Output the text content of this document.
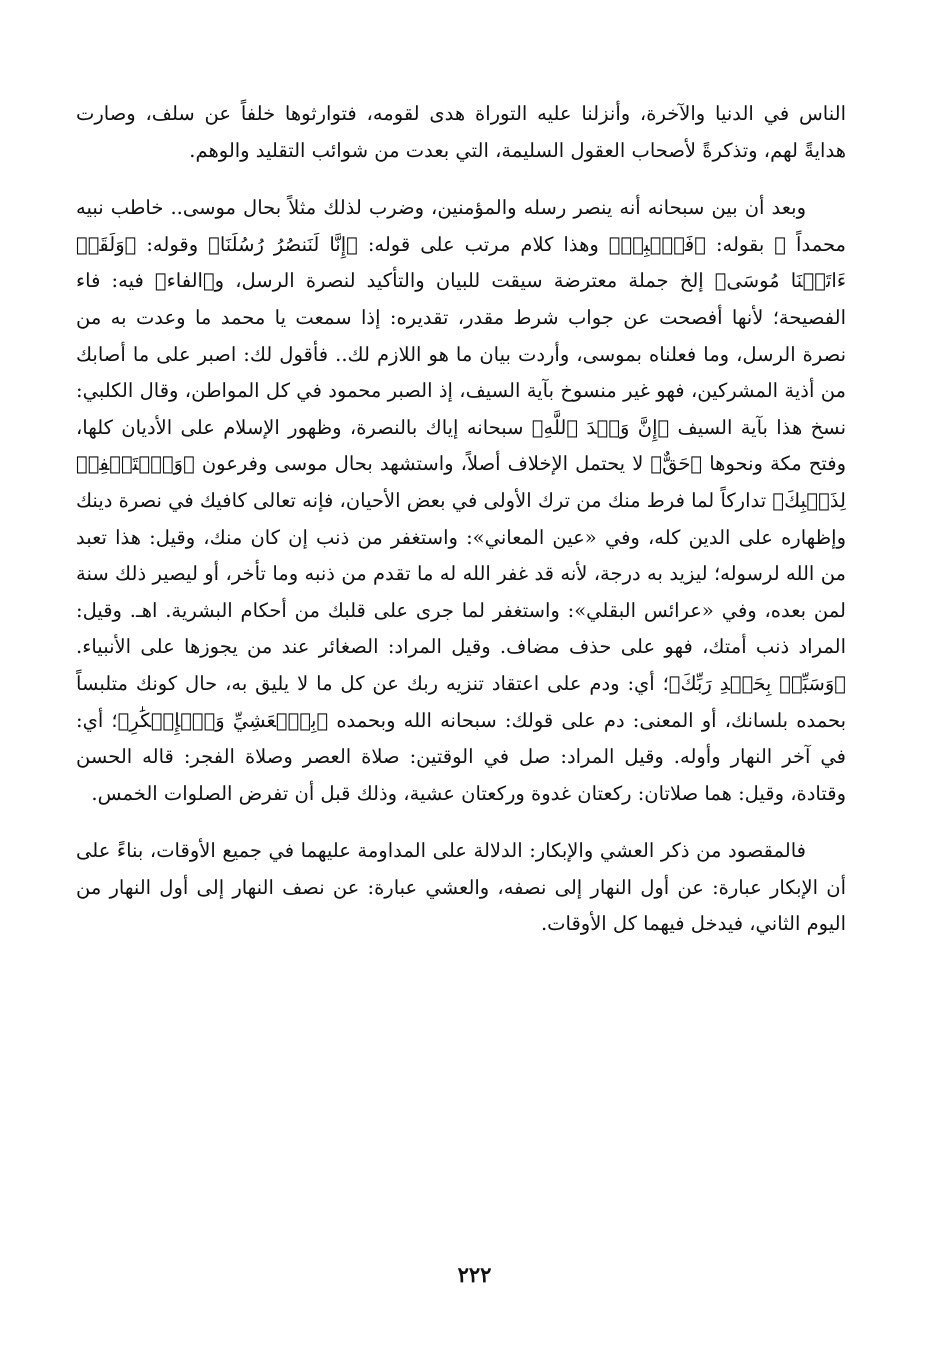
الناس في الدنيا والآخرة، وأنزلنا عليه التوراة هدى لقومه، فتوارثوها خلفاً عن سلف، وصارت هدايةً لهم، وتذكرةً لأصحاب العقول السليمة، التي بعدت من شوائب التقليد والوهم.

وبعد أن بين سبحانه أنه ينصر رسله والمؤمنين، وضرب لذلك مثلاً بحال موسى.. خاطب نبيه محمداً ﷺ بقوله: ﴿فَٱصۡبِرۡ﴾ وهذا كلام مرتب على قوله: ﴿إِنَّا لَنَنصُرُ رُسُلَنَا﴾ وقوله: ﴿وَلَقَدۡ ءَاتَيۡنَا مُوسَى﴾ إلخ جملة معترضة سيقت للبيان والتأكيد لنصرة الرسل، و﴿الفاء﴾ فيه: فاء الفصيحة؛ لأنها أفصحت عن جواب شرط مقدر، تقديره: إذا سمعت يا محمد ما وعدت به من نصرة الرسل، وما فعلناه بموسى، وأردت بيان ما هو اللازم لك.. فأقول لك: اصبر على ما أصابك من أذية المشركين، فهو غير منسوخ بآية السيف، إذ الصبر محمود في كل المواطن، وقال الكلبي: نسخ هذا بآية السيف ﴿إِنَّ وَعۡدَ ٱللَّهِ﴾ سبحانه إياك بالنصرة، وظهور الإسلام على الأديان كلها، وفتح مكة ونحوها ﴿حَقٌّ﴾ لا يحتمل الإخلاف أصلاً، واستشهد بحال موسى وفرعون ﴿وَٱسۡتَغۡفِرۡ لِذَنۢبِكَ﴾ تداركاً لما فرط منك من ترك الأولى في بعض الأحيان، فإنه تعالى كافيك في نصرة دينك وإظهاره على الدين كله، وفي «عين المعاني»: واستغفر من ذنب إن كان منك، وقيل: هذا تعبد من الله لرسوله؛ ليزيد به درجة، لأنه قد غفر الله له ما تقدم من ذنبه وما تأخر، أو ليصير ذلك سنة لمن بعده، وفي «عرائس البقلي»: واستغفر لما جرى على قلبك من أحكام البشرية. اهـ. وقيل: المراد ذنب أمتك، فهو على حذف مضاف. وقيل المراد: الصغائر عند من يجوزها على الأنبياء. ﴿وَسَبِّحۡ بِحَمۡدِ رَبِّكَ﴾؛ أي: ودم على اعتقاد تنزيه ربك عن كل ما لا يليق به، حال كونك متلبساً بحمده بلسانك، أو المعنى: دم على قولك: سبحانه الله وبحمده ﴿بِٱلۡعَشِيِّ وَٱلۡإِبۡكَٰرِ﴾؛ أي: في آخر النهار وأوله. وقيل المراد: صل في الوقتين: صلاة العصر وصلاة الفجر: قاله الحسن وقتادة، وقيل: هما صلاتان: ركعتان غدوة وركعتان عشية، وذلك قبل أن تفرض الصلوات الخمس.

فالمقصود من ذكر العشي والإبكار: الدلالة على المداومة عليهما في جميع الأوقات، بناءً على أن الإبكار عبارة: عن أول النهار إلى نصفه، والعشي عبارة: عن نصف النهار إلى أول النهار من اليوم الثاني، فيدخل فيهما كل الأوقات.

٢٢٢
